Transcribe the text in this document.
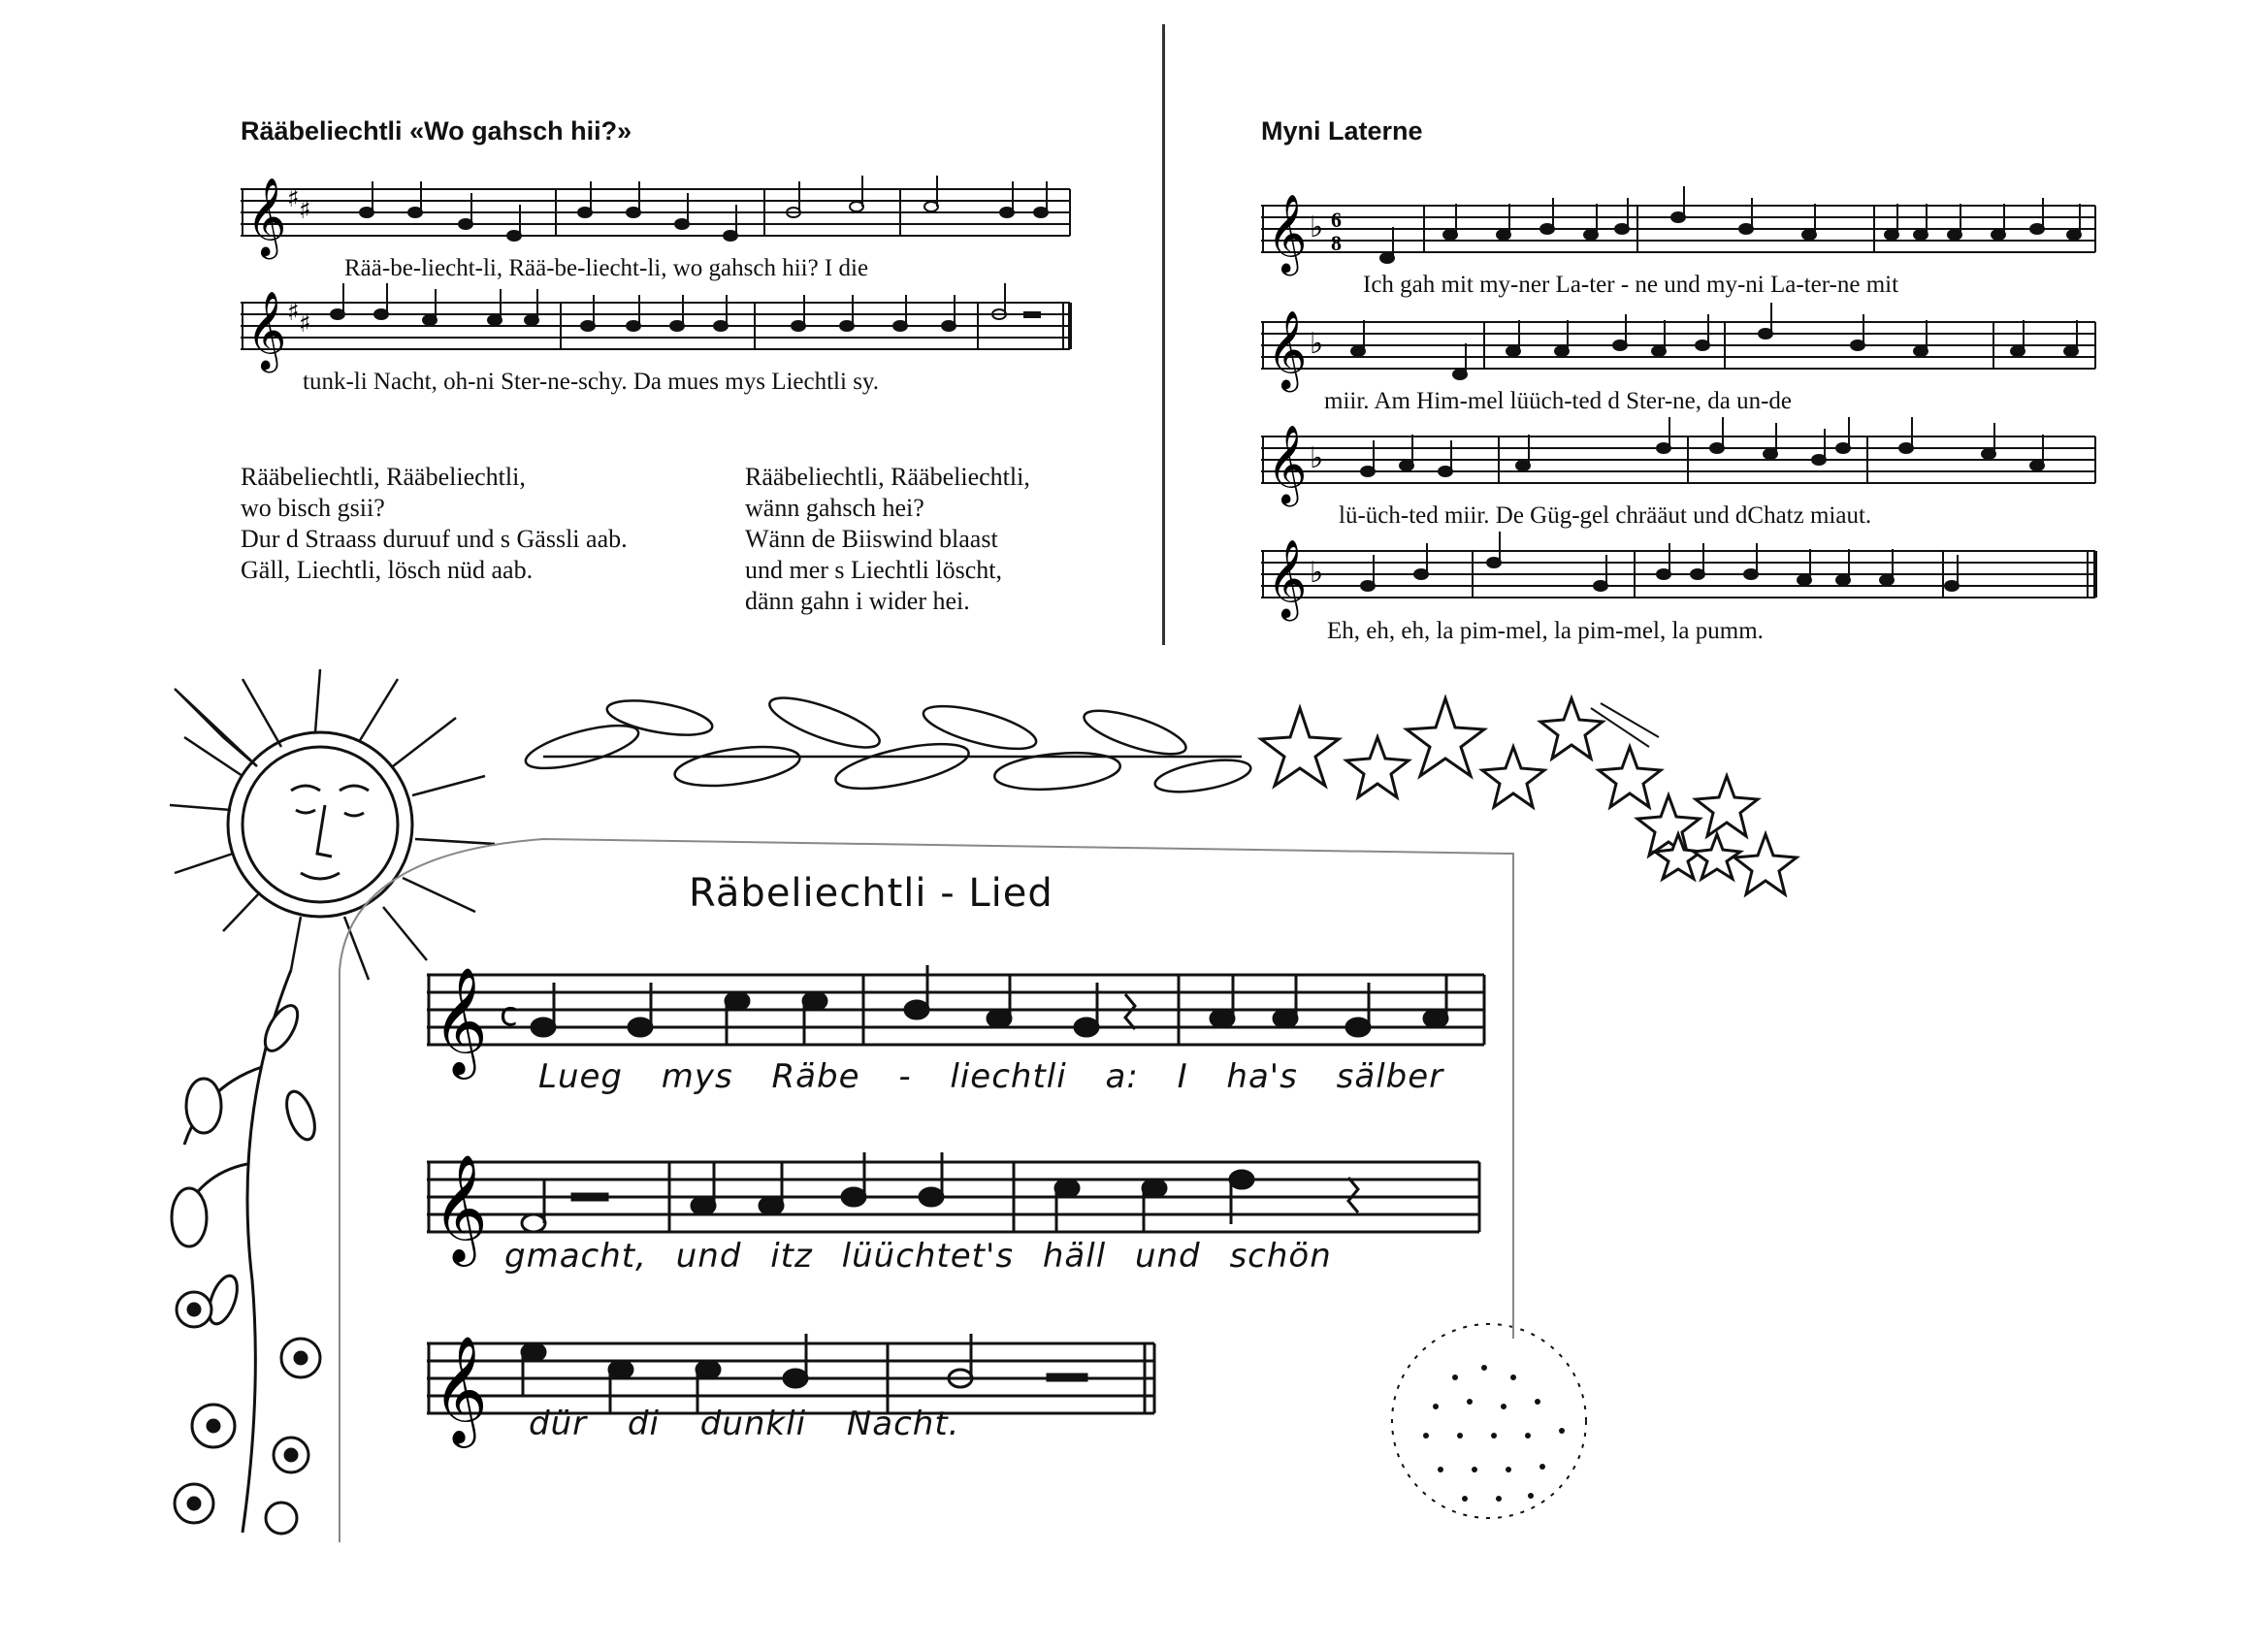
Rääbeliechtli «Wo gahsch hii?»
𝄞 ♯ ♯
Rää-be-liecht-li, Rää-be-liecht-li, wo gahsch hii? I die
𝄞 ♯ ♯
tunk-li Nacht, oh-ni Ster-ne-schy. Da mues mys Liechtli sy.
Rääbeliechtli, Rääbeliechtli,
wo bisch gsii?
Dur d Straass duruuf und s Gässli aab.
Gäll, Liechtli, lösch nüd aab.
Rääbeliechtli, Rääbeliechtli,
wänn gahsch hei?
Wänn de Biiswind blaast
und mer s Liechtli löscht,
dänn gahn i wider hei.
Myni Laterne
𝄞 ♭ 6
8
Ich gah mit my-ner La-ter - ne und my-ni La-ter-ne mit
𝄞 ♭
miir. Am Him-mel lüüch-ted d Ster-ne, da un-de
𝄞 ♭
lü-üch-ted miir. De Güg-gel chrääut und dChatz miaut.
𝄞 ♭
Eh, eh, eh, la pim-mel, la pim-mel, la pumm.
Räbeliechtli - Lied
𝄞 c
Lueg mys Räbe - liechtli a: I ha's sälber
𝄞 gmacht, und itz lüüchtet's häll und schön
𝄞 dür di dunkli Nacht.
